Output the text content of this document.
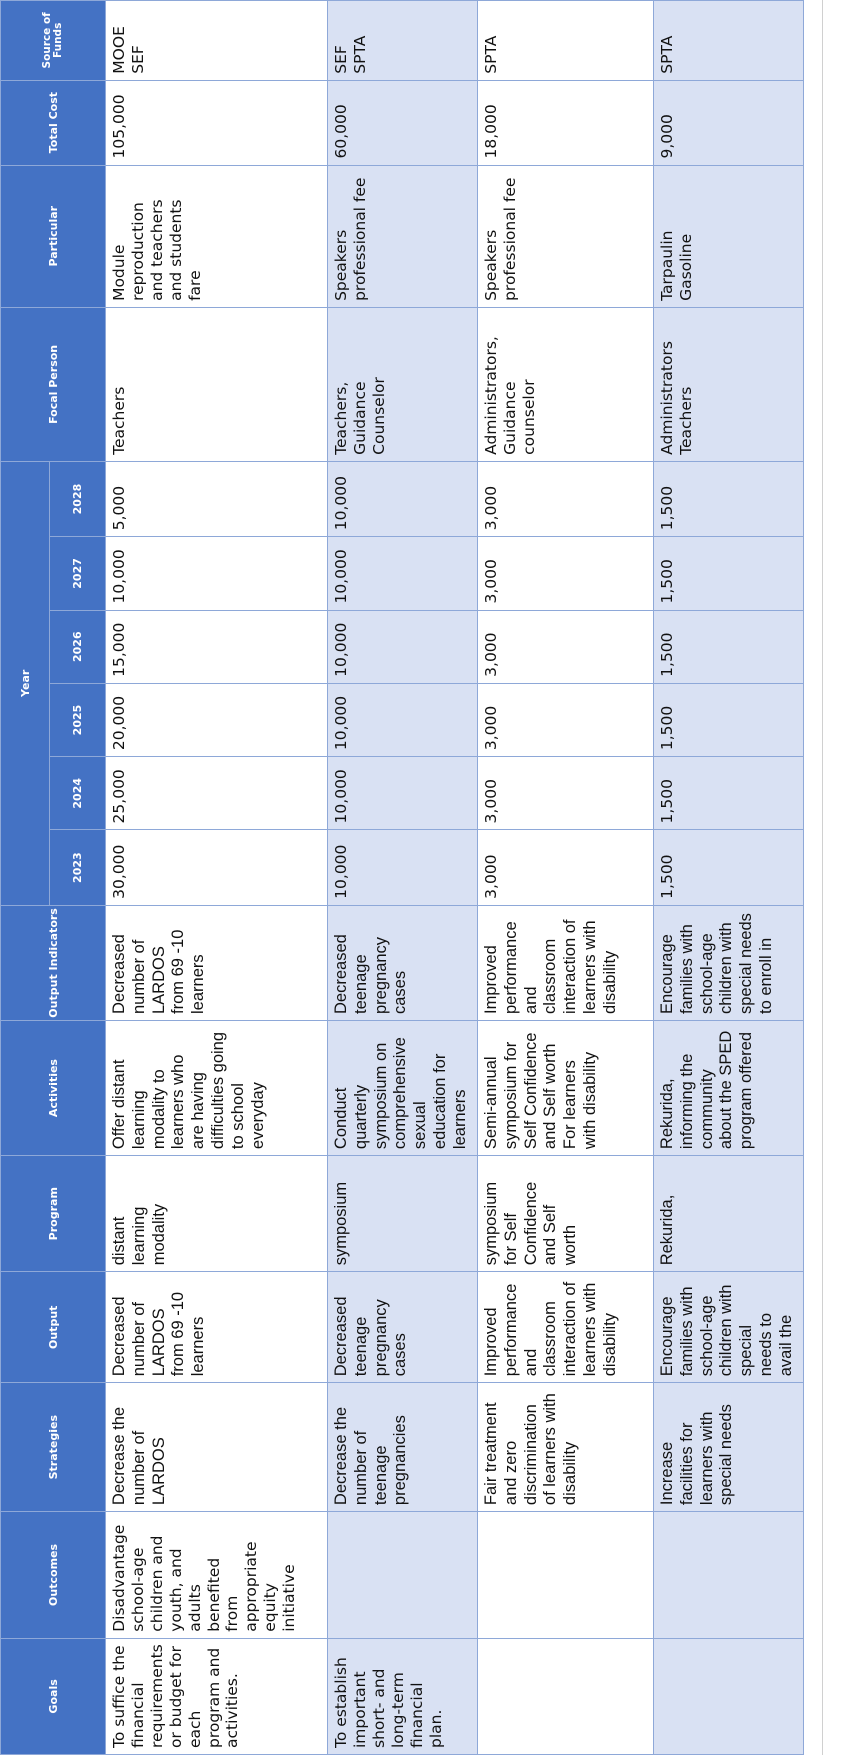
Goals	Outcomes	Strategies	Output	Program	Activities	Output Indicators	Year						Focal Person	Particular	Total Cost	Source of Funds
							2023	2024	2025	2026	2027	2028				
To suffice the financial requirements or budget for each program and activities.	Disadvantage school-age children and youth, and adults benefited from appropriate equity initiative	Decrease the number of LARDOS	Decreased number of LARDOS from 69 -10 learners	distant learning modality	Offer distant learning modality to learners who are having difficulties going to school everyday	Decreased number of LARDOS from 69 -10 learners	30,000	25,000	20,000	15,000	10,000	5,000	Teachers	Module reproduction and teachers and students fare	105,000	MOOE SEF
To establish important short- and long-term financial plan.		Decrease the number of teenage pregnancies	Decreased teenage pregnancy cases	symposium	Conduct quarterly symposium on comprehensive sexual education for learners	Decreased teenage pregnancy cases	10,000	10,000	10,000	10,000	10,000	10,000	Teachers, Guidance Counselor	Speakers professional fee	60,000	SEF SPTA
		Fair treatment and zero discrimination of learners with disability	Improved performance and classroom interaction of learners with disability	symposium for Self Confidence and Self worth	Semi-annual symposium for Self Confidence and Self worth For learners with disability	Improved performance and classroom interaction of learners with disability	3,000	3,000	3,000	3,000	3,000	3,000	Administrators, Guidance counselor	Speakers professional fee	18,000	SPTA
		Increase facilities for learners with special needs	Encourage families with school-age children with special needs to avail the	Rekurida,	Rekurida, informing the community about the SPED program offered	Encourage families with school-age children with special needs to enroll in	1,500	1,500	1,500	1,500	1,500	1,500	Administrators Teachers	Tarpaulin Gasoline	9,000	SPTA
